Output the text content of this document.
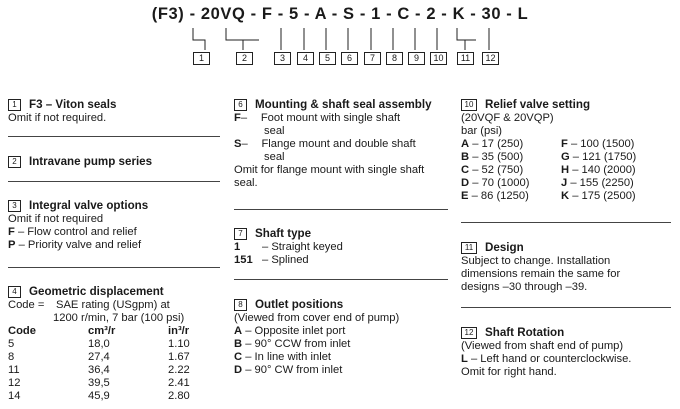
(F3) - 20VQ - F - 5 - A - S - 1 - C - 2 - K - 30 - L
1	2	3	4	5	6	7	8	9	10	11	12
1	F3 – Viton seals
Omit if not required.
2	Intravane pump series
3	Integral valve options
Omit if not required
F – Flow control and relief
P – Priority valve and relief
4	Geometric displacement
Code = SAE rating (USgpm) at
1200 r/min, 7 bar (100 psi)
Code	cm³/r	in³/r
5	18,0	1.10
8	27,4	1.67
11	36,4	2.22
12	39,5	2.41
14	45,9	2.80
6	Mounting & shaft seal assembly
F– Foot mount with single shaft
seal
S– Flange mount and double shaft
seal
Omit for flange mount with single shaft
seal.
7	Shaft type
1 – Straight keyed
151 – Splined
8	Outlet positions
(Viewed from cover end of pump)
A – Opposite inlet port
B – 90° CCW from inlet
C – In line with inlet
D – 90° CW from inlet
10 Relief valve setting
(20VQF & 20VQP)
bar (psi)
A – 17 (250)
B – 35 (500)
C – 52 (750)
D – 70 (1000)
E – 86 (1250)
F – 100 (1500)
G – 121 (1750)
H – 140 (2000)
J – 155 (2250)
K – 175 (2500)
11	Design
Subject to change. Installation
dimensions remain the same for
designs –30 through –39.
12 Shaft Rotation
(Viewed from shaft end of pump)
L – Left hand or counterclockwise.
Omit for right hand.
